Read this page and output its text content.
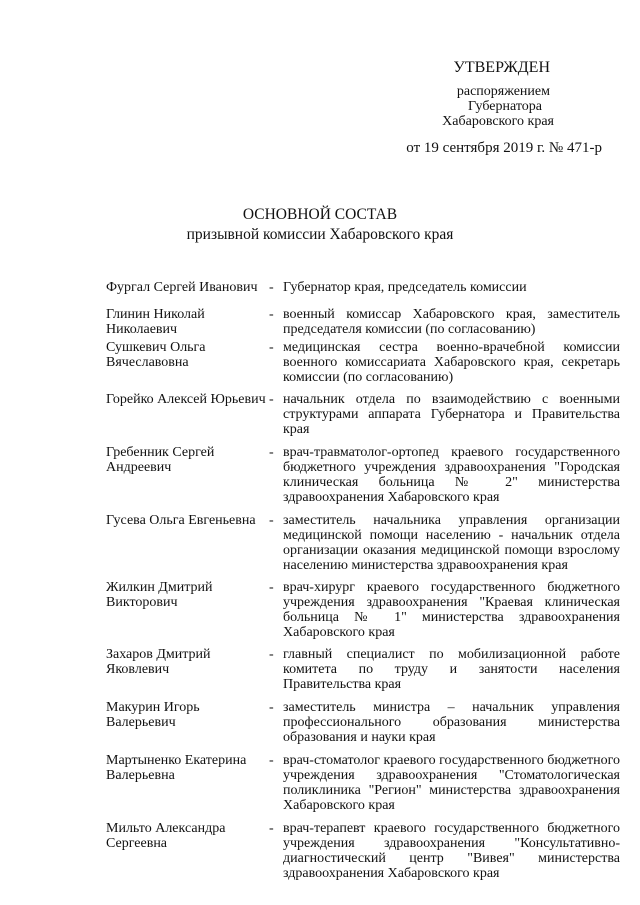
УТВЕРЖДЕН
распоряжением
Губернатора
Хабаровского края
от 19 сентября 2019 г. № 471-р
ОСНОВНОЙ СОСТАВ
призывной комиссии Хабаровского края
Фургал Сергей Иванович - Губернатор края, председатель комиссии
Глинин Николай Николаевич
- военный комиссар Хабаровского края, заместитель председателя комиссии (по согласованию)
Сушкевич Ольга Вячеславовна
- медицинская сестра военно-врачебной комиссии военного комиссариата Хабаровского края, секретарь комиссии (по согласованию)
Горейко Алексей Юрьевич - начальник отдела по взаимодействию с военными структурами аппарата Губернатора и Правительства края
Гребенник Сергей Андреевич
- врач-травматолог-ортопед краевого государственного бюджетного учреждения здравоохранения "Городская клиническая больница № 2" министерства здравоохранения Хабаровского края
Гусева Ольга Евгеньевна - заместитель начальника управления организации медицинской помощи населению - начальник отдела организации оказания медицинской помощи взрослому населению министерства здравоохранения края
Жилкин Дмитрий Викторович
- врач-хирург краевого государственного бюджетного учреждения здравоохранения "Краевая клиническая больница № 1" министерства здравоохранения Хабаровского края
Захаров Дмитрий Яковлевич
- главный специалист по мобилизационной работе комитета по труду и занятости населения Правительства края
Макурин Игорь Валерьевич
- заместитель министра – начальник управления профессионального образования министерства образования и науки края
Мартыненко Екатерина Валерьевна
- врач-стоматолог краевого государственного бюджетного учреждения здравоохранения "Стоматологическая поликлиника "Регион" министерства здравоохранения Хабаровского края
Мильто Александра Сергеевна
- врач-терапевт краевого государственного бюджетного учреждения здравоохранения "Консультативно-диагностический центр "Вивея" министерства здравоохранения Хабаровского края
